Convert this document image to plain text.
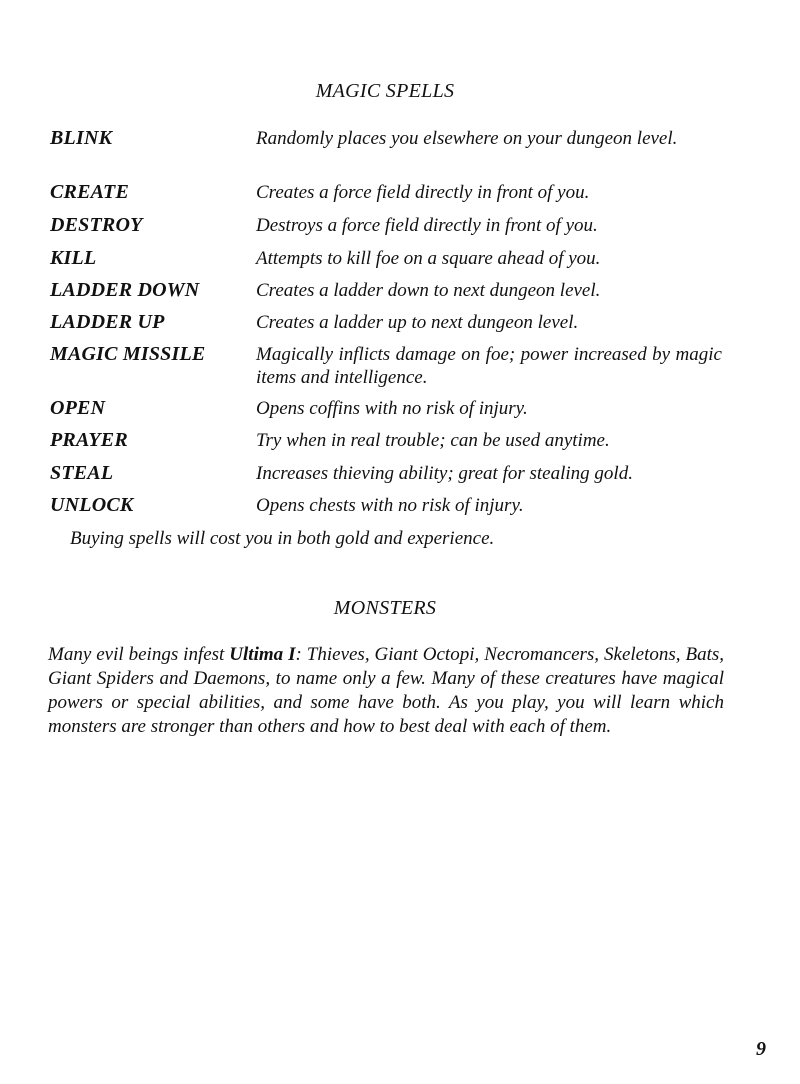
MAGIC SPELLS
BLINK	Randomly places you elsewhere on your dungeon level.
CREATE	Creates a force field directly in front of you.
DESTROY	Destroys a force field directly in front of you.
KILL	Attempts to kill foe on a square ahead of you.
LADDER DOWN	Creates a ladder down to next dungeon level.
LADDER UP	Creates a ladder up to next dungeon level.
MAGIC MISSILE	Magically inflicts damage on foe; power increased by magic items and intelligence.
OPEN	Opens coffins with no risk of injury.
PRAYER	Try when in real trouble; can be used anytime.
STEAL	Increases thieving ability; great for stealing gold.
UNLOCK	Opens chests with no risk of injury.
Buying spells will cost you in both gold and experience.
MONSTERS
Many evil beings infest Ultima I: Thieves, Giant Octopi, Necromancers, Skeletons, Bats, Giant Spiders and Daemons, to name only a few. Many of these creatures have magical powers or special abilities, and some have both. As you play, you will learn which monsters are stronger than others and how to best deal with each of them.
9
